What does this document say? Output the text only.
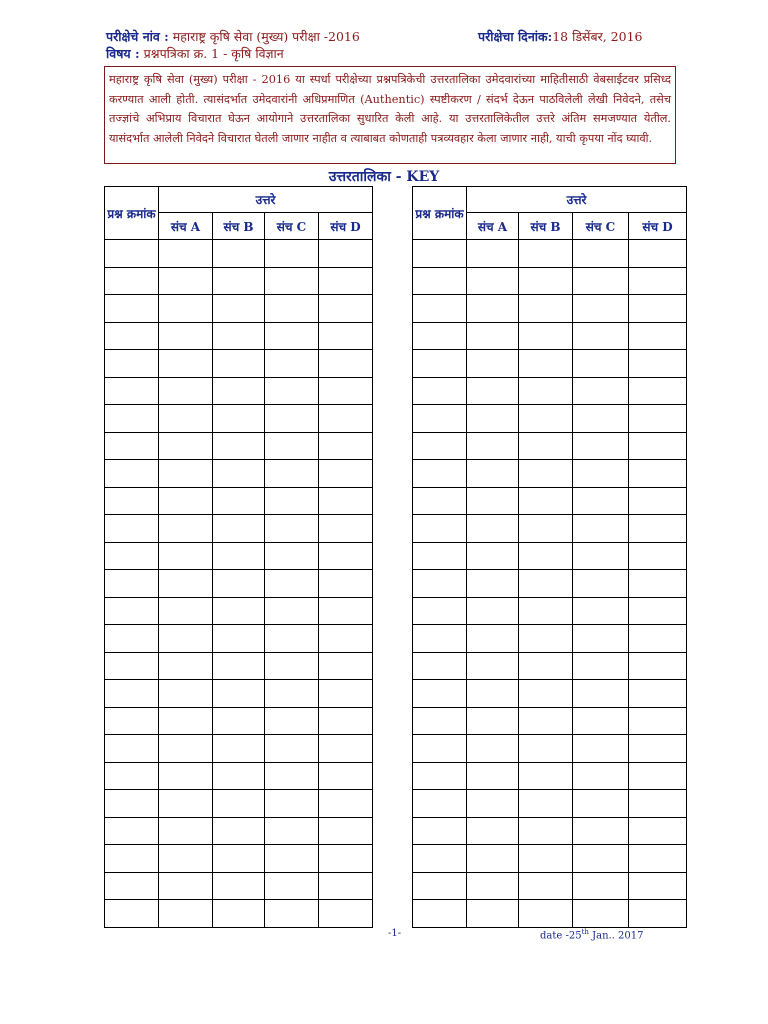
परीक्षेचे नांव : महाराष्ट्र कृषि सेवा (मुख्य) परीक्षा -2016	परीक्षेचा दिनांक:18 डिसेंबर, 2016
विषय : प्रश्नपत्रिका क्र. 1 - कृषि विज्ञान
महाराष्ट्र कृषि सेवा (मुख्य) परीक्षा - 2016 या स्पर्धा परीक्षेच्या प्रश्नपत्रिकेची उत्तरतालिका उमेदवारांच्या माहितीसाठी वेबसाईटवर प्रसिध्द करण्यात आली होती. त्यासंदर्भात उमेदवारांनी अधिप्रमाणित (Authentic) स्पष्टीकरण / संदर्भ देऊन पाठविलेली लेखी निवेदने, तसेच तज्ज्ञांचे अभिप्राय विचारात घेऊन आयोगाने उत्तरतालिका सुधारित केली आहे. या उत्तरतालिकेतील उत्तरे अंतिम समजण्यात येतील. यासंदर्भात आलेली निवेदने विचारात घेतली जाणार नाहीत व त्याबाबत कोणताही पत्रव्यवहार केला जाणार नाही, याची कृपया नोंद घ्यावी.
उत्तरतालिका - KEY
प्रश्न क्रमांक	उत्तरे			
	संच A	संच B	संच C	संच D

प्रश्न क्रमांक	उत्तरे			
	संच A	संच B	संच C	संच D

-1-	date -25th Jan.. 2017
